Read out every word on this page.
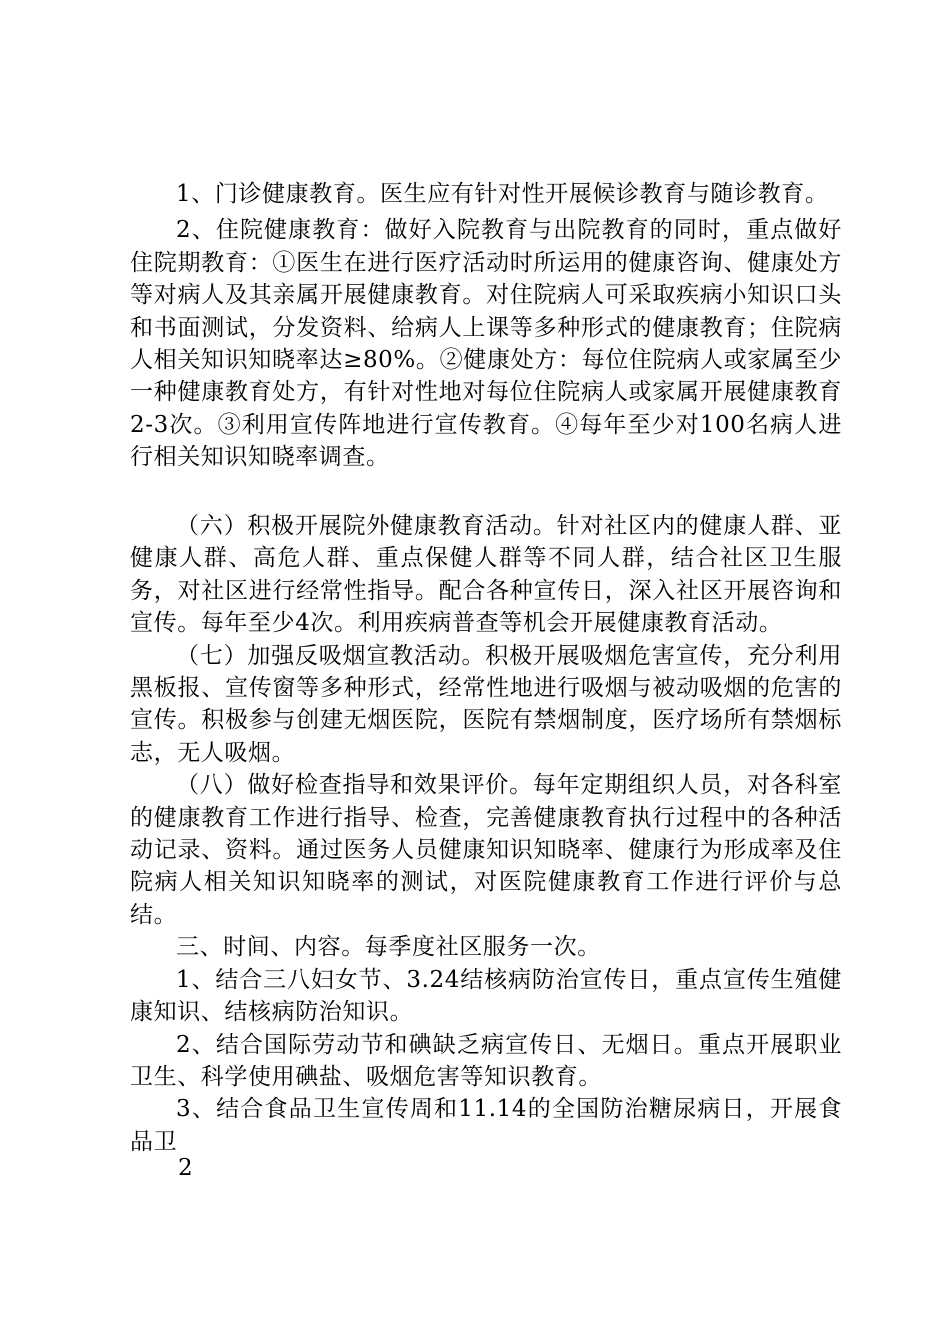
1、门诊健康教育。医生应有针对性开展候诊教育与随诊教育。

2、住院健康教育：做好入院教育与出院教育的同时，重点做好住院期教育：①医生在进行医疗活动时所运用的健康咨询、健康处方等对病人及其亲属开展健康教育。对住院病人可采取疾病小知识口头和书面测试，分发资料、给病人上课等多种形式的健康教育；住院病人相关知识知晓率达≥80%。②健康处方：每位住院病人或家属至少一种健康教育处方，有针对性地对每位住院病人或家属开展健康教育2-3次。③利用宣传阵地进行宣传教育。④每年至少对100名病人进行相关知识知晓率调查。

（六）积极开展院外健康教育活动。针对社区内的健康人群、亚健康人群、高危人群、重点保健人群等不同人群，结合社区卫生服务，对社区进行经常性指导。配合各种宣传日，深入社区开展咨询和宣传。每年至少4次。利用疾病普查等机会开展健康教育活动。

（七）加强反吸烟宣教活动。积极开展吸烟危害宣传，充分利用黑板报、宣传窗等多种形式，经常性地进行吸烟与被动吸烟的危害的宣传。积极参与创建无烟医院，医院有禁烟制度，医疗场所有禁烟标志，无人吸烟。

（八）做好检查指导和效果评价。每年定期组织人员，对各科室的健康教育工作进行指导、检查，完善健康教育执行过程中的各种活动记录、资料。通过医务人员健康知识知晓率、健康行为形成率及住院病人相关知识知晓率的测试，对医院健康教育工作进行评价与总结。

三、时间、内容。每季度社区服务一次。

1、结合三八妇女节、3.24结核病防治宣传日，重点宣传生殖健康知识、结核病防治知识。

2、结合国际劳动节和碘缺乏病宣传日、无烟日。重点开展职业卫生、科学使用碘盐、吸烟危害等知识教育。

3、结合食品卫生宣传周和11.14的全国防治糖尿病日，开展食品卫

2
